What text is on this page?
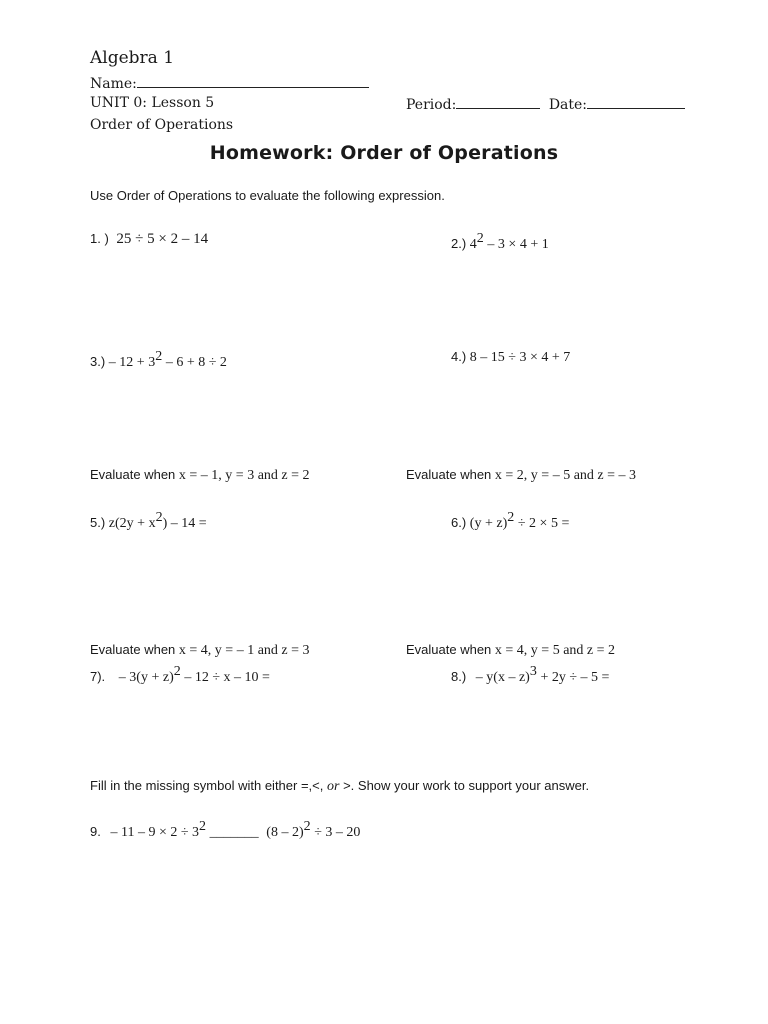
Algebra 1
Name:
UNIT 0: Lesson 5	Period:	Date:
Order of Operations
Homework: Order of Operations
Use Order of Operations to evaluate the following expression.
1. ) 25 ÷ 5 × 2 – 14	2.) $4^2 - 3 \times 4 + 1$
$3.) - 12 + 3^2 - 6 + 8 \div 2$	4.) 8 – 15 ÷ 3 × 4 + 7
Evaluate when x = – 1, y = 3 and z = 2	Evaluate when x = 2, y = – 5 and z = – 3
5.) $z(2y + x^2) - 14$ =	6.) $(y + z)^2 \div 2 \times 5$ =
Evaluate when x = 4, y = – 1 and z = 3	Evaluate when x = 4, y = 5 and z = 2
7). – $3(y + z)^2 - 12 \div x - 10$ =	8.) – y(x – z)$^3$ + 2y ÷ – 5 =
Fill in the missing symbol with either =,<, or >. Show your work to support your answer.
9. – $11 - 9 \times 2 \div 3^2$ _______ (8 – 2)$^2$ ÷ 3 – 20
